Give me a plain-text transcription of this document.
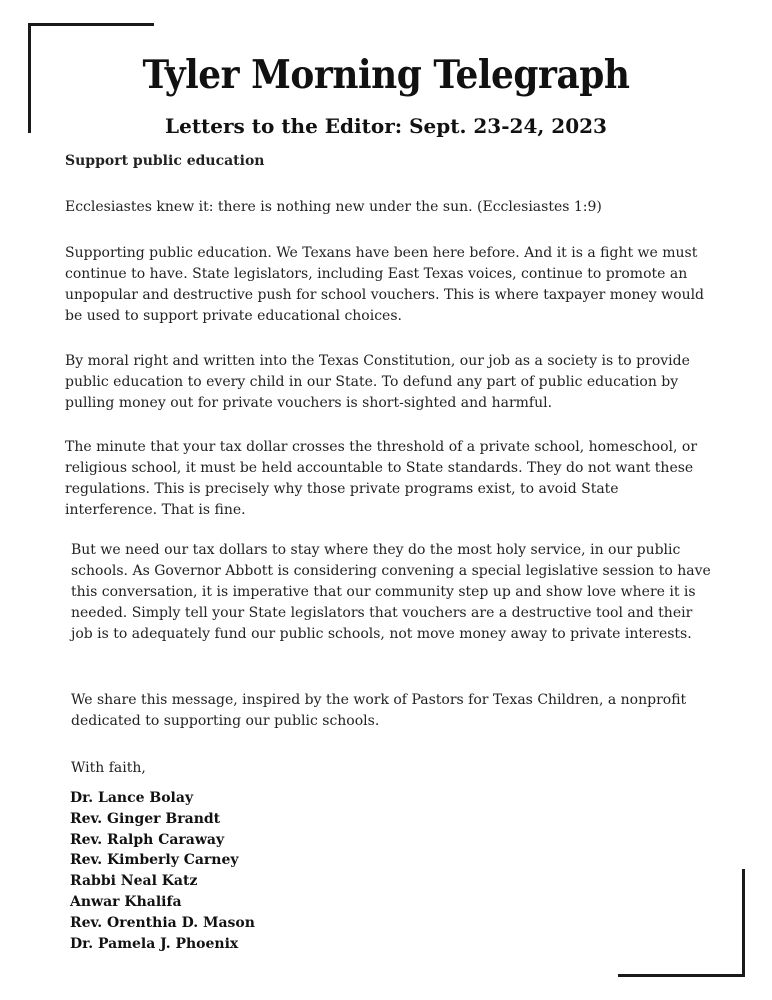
Tyler Morning Telegraph
Letters to the Editor: Sept. 23-24, 2023

Support public education

Ecclesiastes knew it: there is nothing new under the sun. (Ecclesiastes 1:9)

Supporting public education. We Texans have been here before. And it is a fight we must continue to have. State legislators, including East Texas voices, continue to promote an unpopular and destructive push for school vouchers. This is where taxpayer money would be used to support private educational choices.

By moral right and written into the Texas Constitution, our job as a society is to provide public education to every child in our State. To defund any part of public education by pulling money out for private vouchers is short-sighted and harmful.

The minute that your tax dollar crosses the threshold of a private school, homeschool, or religious school, it must be held accountable to State standards. They do not want these regulations. This is precisely why those private programs exist, to avoid State interference. That is fine.

But we need our tax dollars to stay where they do the most holy service, in our public schools. As Governor Abbott is considering convening a special legislative session to have this conversation, it is imperative that our community step up and show love where it is needed. Simply tell your State legislators that vouchers are a destructive tool and their job is to adequately fund our public schools, not move money away to private interests.

We share this message, inspired by the work of Pastors for Texas Children, a nonprofit dedicated to supporting our public schools.

With faith,

Dr. Lance Bolay
Rev. Ginger Brandt
Rev. Ralph Caraway
Rev. Kimberly Carney
Rabbi Neal Katz
Anwar Khalifa
Rev. Orenthia D. Mason
Dr. Pamela J. Phoenix
